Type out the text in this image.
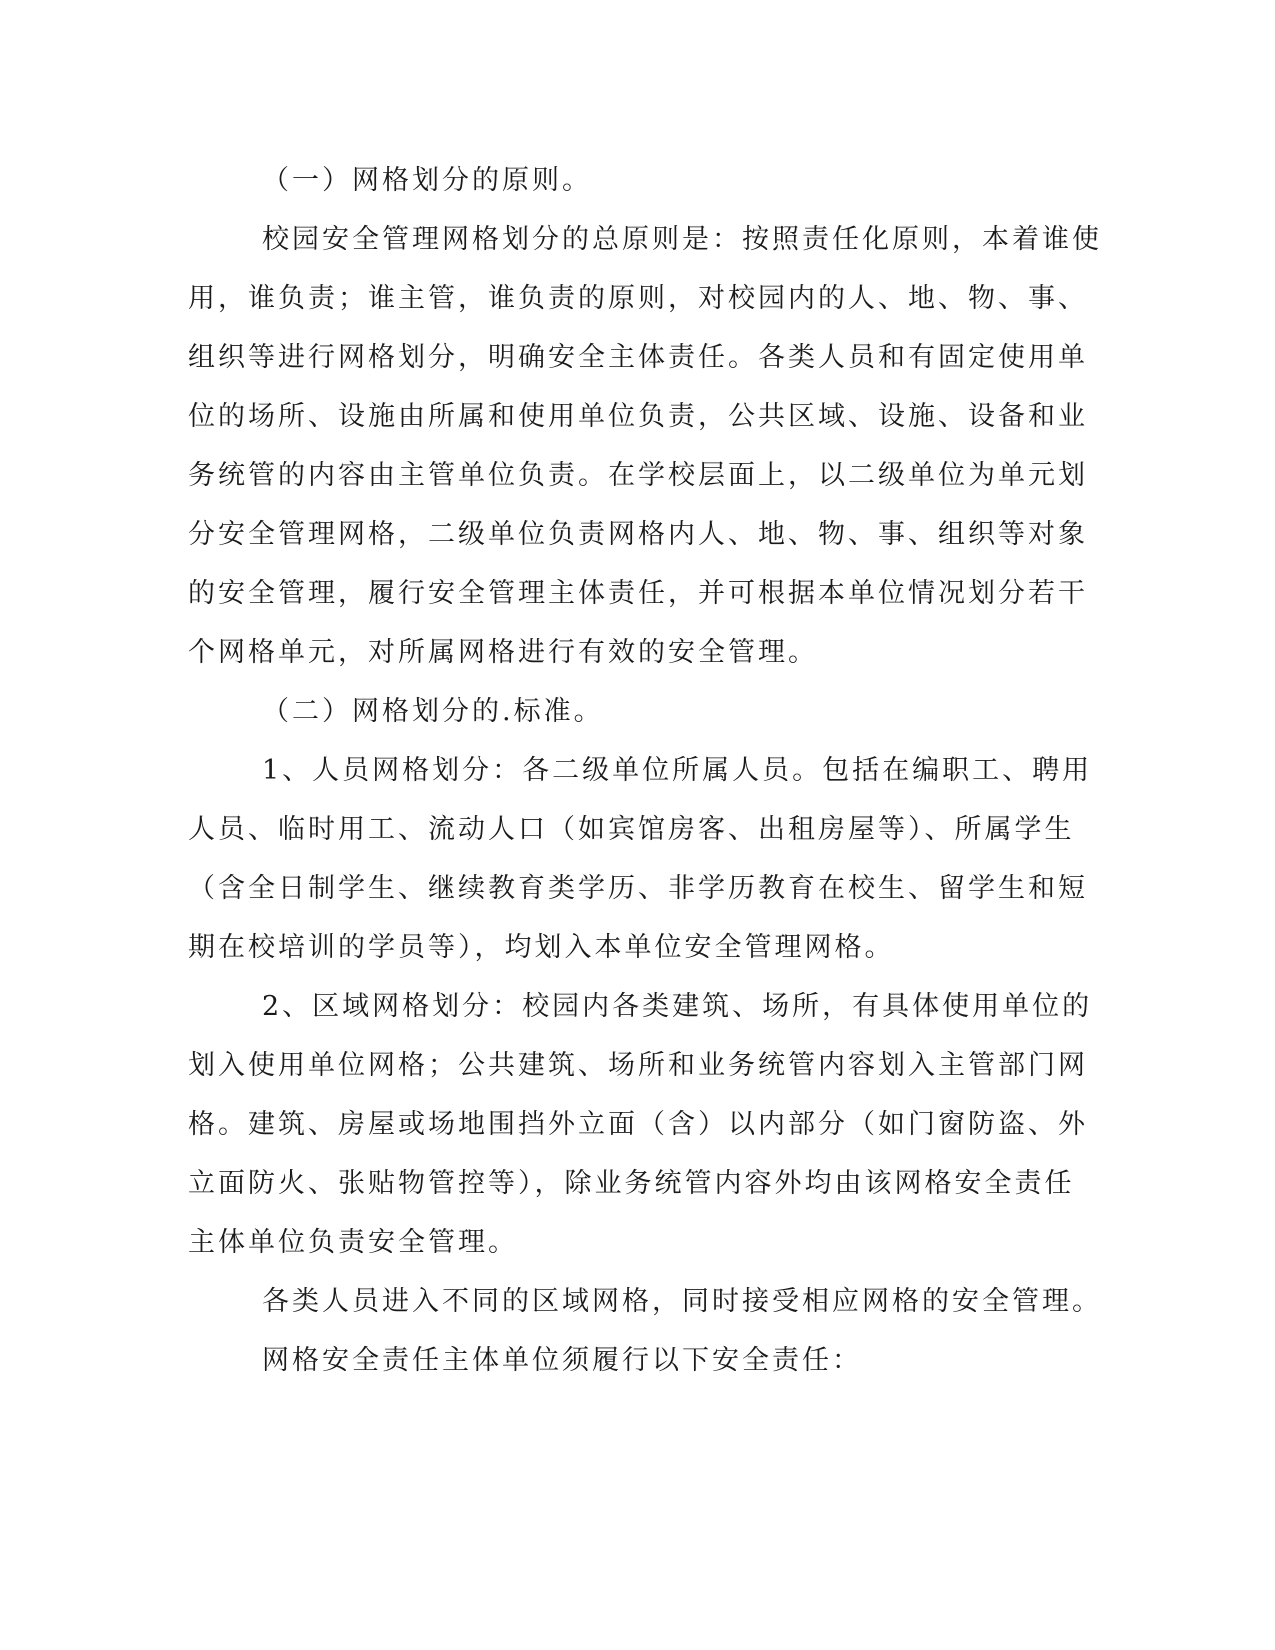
（一）网格划分的原则。
校园安全管理网格划分的总原则是：按照责任化原则，本着谁使
用，谁负责；谁主管，谁负责的原则，对校园内的人、地、物、事、
组织等进行网格划分，明确安全主体责任。各类人员和有固定使用单
位的场所、设施由所属和使用单位负责，公共区域、设施、设备和业
务统管的内容由主管单位负责。在学校层面上，以二级单位为单元划
分安全管理网格，二级单位负责网格内人、地、物、事、组织等对象
的安全管理，履行安全管理主体责任，并可根据本单位情况划分若干
个网格单元，对所属网格进行有效的安全管理。
（二）网格划分的.标准。
1、人员网格划分：各二级单位所属人员。包括在编职工、聘用
人员、临时用工、流动人口（如宾馆房客、出租房屋等）、所属学生
（含全日制学生、继续教育类学历、非学历教育在校生、留学生和短
期在校培训的学员等），均划入本单位安全管理网格。
2、区域网格划分：校园内各类建筑、场所，有具体使用单位的
划入使用单位网格；公共建筑、场所和业务统管内容划入主管部门网
格。建筑、房屋或场地围挡外立面（含）以内部分（如门窗防盗、外
立面防火、张贴物管控等），除业务统管内容外均由该网格安全责任
主体单位负责安全管理。
各类人员进入不同的区域网格，同时接受相应网格的安全管理。
网格安全责任主体单位须履行以下安全责任：
